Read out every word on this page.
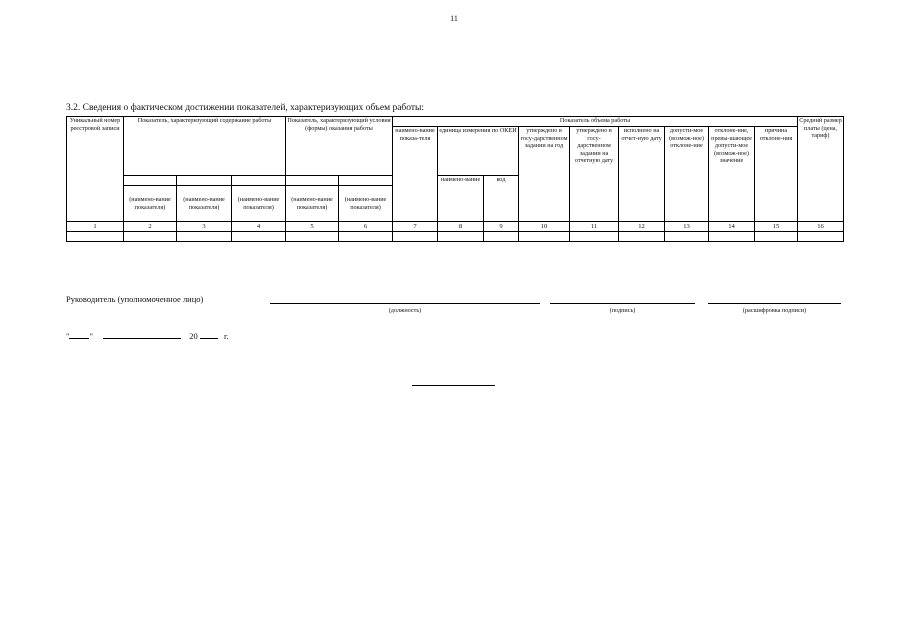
11
3.2. Сведения о фактическом достижении показателей, характеризующих объем работы:
Уникальный номер реестровой записи	Показатель, характеризующий содержание работы			Показатель, характеризующий условия (формы) оказания работы		Показатель объема работы									Средний размер платы (цена, тариф)
						наимено-вание показа-теля	единица измерения по ОКЕИ		утверждено в госу-дарственном задании на год	утверждено в госу-дарственном задании на отчетную дату	исполнено на отчет-ную дату	допусти-мое (возмож-ное) отклоне-ние	отклоне-ние, превы-шающее допусти-мое (возмож-ное) значение	причина отклоне-ния	
							наимено-вание	код							
	(наимено-вание показателя)	(наимено-вание показателя)	(наимено-вание показателя)	(наимено-вание показателя)	(наимено-вание показателя)										
1	2	3	4	5	6	7	8	9	10	11	12	13	14	15	16

Руководитель (уполномоченное лицо)
(должность)	(подпись)	(расшифровка подписи)
" "	20	г.
